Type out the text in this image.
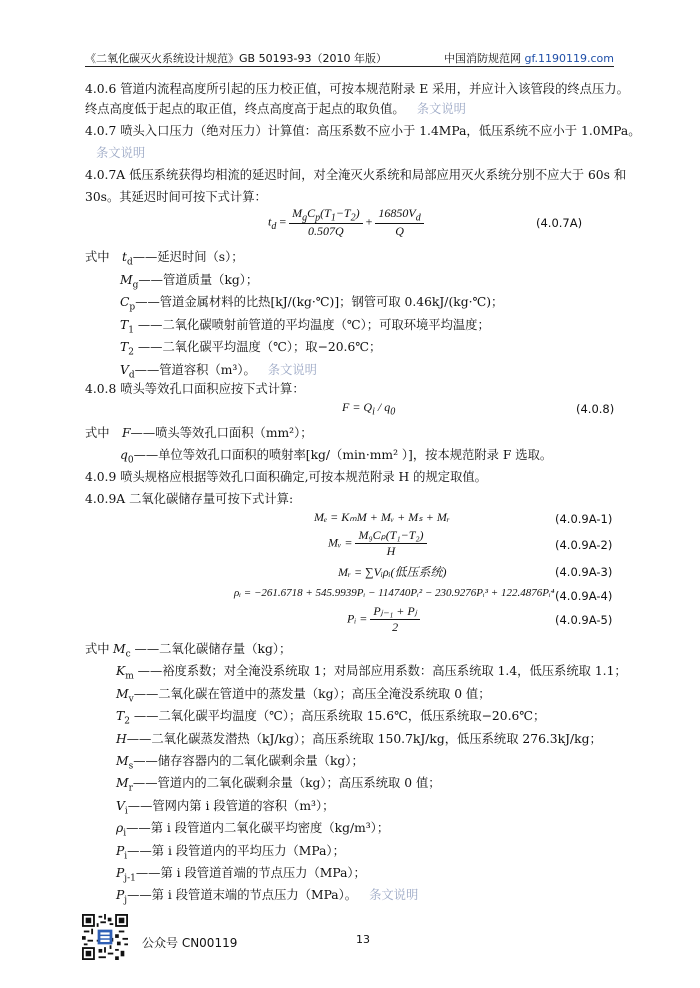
《二氧化碳灭火系统设计规范》GB 50193-93（2010 年版）	中国消防规范网 gf.1190119.com
4.0.6 管道内流程高度所引起的压力校正值，可按本规范附录 E 采用，并应计入该管段的终点压力。
终点高度低于起点的取正值，终点高度高于起点的取负值。 条文说明
4.0.7 喷头入口压力（绝对压力）计算值：高压系数不应小于 1.4MPa，低压系统不应小于 1.0MPa。
条文说明
4.0.7A 低压系统获得均相流的延迟时间，对全淹灭火系统和局部应用灭火系统分别不应大于 60s 和
30s。其延迟时间可按下式计算：
$t_d = \frac{M_gC_p(T_1-T_2)}{0.507Q} + \frac{16850V_d}{Q}$	(4.0.7A)
式中 $t_d——$延迟时间（s）；
$M_g——$管道质量（kg）；
$C_p——$管道金属材料的比热[kJ/(kg·℃)]；钢管可取 0.46kJ/(kg·℃)；
$T_1$ ——二氧化碳喷射前管道的平均温度（℃）；可取环境平均温度；
$T_2$ ——二氧化碳平均温度（℃）；取−20.6℃；
$V_d——$管道容积（m³）。 条文说明
4.0.8 喷头等效孔口面积应按下式计算：
$F = Q_i / q_0$	(4.0.8)
式中 F——喷头等效孔口面积（mm²）；
$q_0——$单位等效孔口面积的喷射率[kg/（min·mm² ）]，按本规范附录 F 选取。
4.0.9 喷头规格应根据等效孔口面积确定,可按本规范附录 H 的规定取值。
4.0.9A 二氧化碳储存量可按下式计算:
Mₑ = KₘM + Mᵥ + Mₛ + Mᵣ	(4.0.9A-1)
Mᵥ = $\frac{\text{M₉Cₚ(T₁−T₂)}}{H}$	(4.0.9A-2)
Mᵣ = ∑Vᵢρᵢ(低压系统)	(4.0.9A-3)
ρᵢ = −261.6718 + 545.9939Pᵢ − 114740Pᵢ² − 230.9276Pᵢ³ + 122.4876Pᵢ⁴ (4.0.9A-4)
Pᵢ = $\frac{\text{Pⱼ₋₁ + Pⱼ}}{2}$	(4.0.9A-5)
式中 $M_c$ ——二氧化碳储存量（kg）；
$K_m$ ——裕度系数；对全淹没系统取 1；对局部应用系数：高压系统取 1.4，低压系统取 1.1；
$M_v——$二氧化碳在管道中的蒸发量（kg）；高压全淹没系统取 0 值；
$T_2$ ——二氧化碳平均温度（℃）；高压系统取 15.6℃，低压系统取−20.6℃；
H——二氧化碳蒸发潜热（kJ/kg）；高压系统取 150.7kJ/kg，低压系统取 276.3kJ/kg；
$M_s——$储存容器内的二氧化碳剩余量（kg）；
$M_r——$管道内的二氧化碳剩余量（kg）；高压系统取 0 值；
$V_i——$管网内第 i 段管道的容积（m³）；
$\rho_i——$第 i 段管道内二氧化碳平均密度（kg/m³）；
$P_i——$第 i 段管道内的平均压力（MPa）；
$P_{j-1}——$第 i 段管道首端的节点压力（MPa）；
$P_j——$第 i 段管道末端的节点压力（MPa）。 条文说明
公众号 CN00119	13
